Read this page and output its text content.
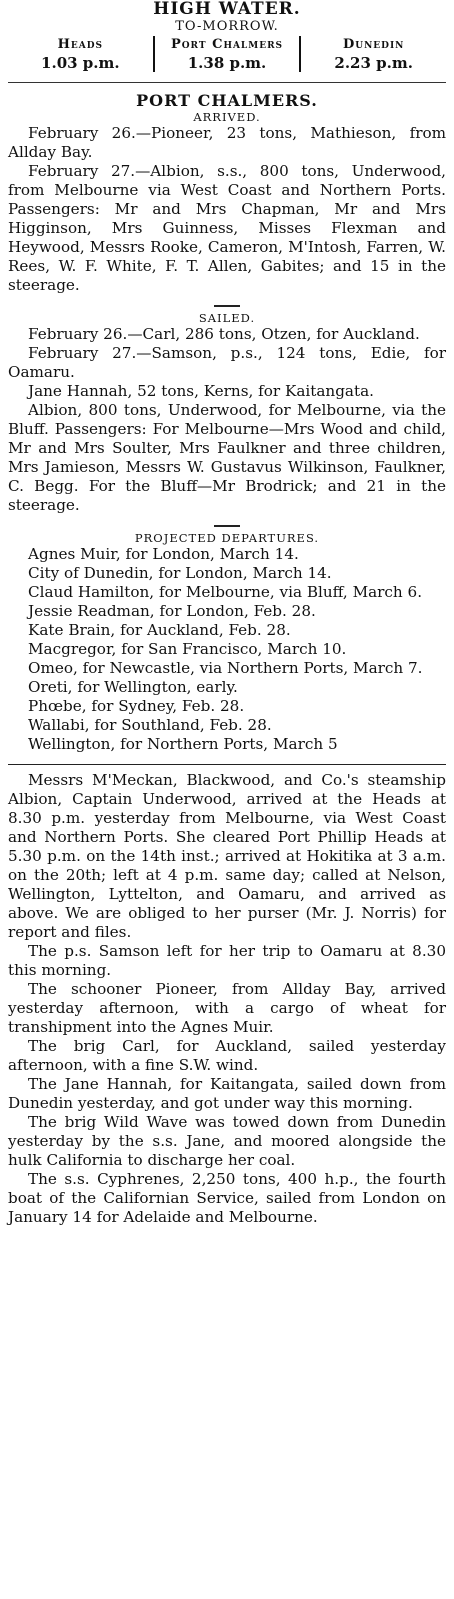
HIGH WATER.

TO-MORROW.

Heads
1.03 p.m.
Port Chalmers
1.38 p.m.
Dunedin
2.23 p.m.

PORT CHALMERS.

ARRIVED.

February 26.—Pioneer, 23 tons, Mathieson, from Allday Bay.

February 27.—Albion, s.s., 800 tons, Underwood, from Melbourne via West Coast and Northern Ports. Passengers: Mr and Mrs Chapman, Mr and Mrs Higginson, Mrs Guinness, Misses Flexman and Heywood, Messrs Rooke, Cameron, M'Intosh, Farren, W. Rees, W. F. White, F. T. Allen, Gabites; and 15 in the steerage.

SAILED.

February 26.—Carl, 286 tons, Otzen, for Auckland.

February 27.—Samson, p.s., 124 tons, Edie, for Oamaru.

Jane Hannah, 52 tons, Kerns, for Kaitangata.

Albion, 800 tons, Underwood, for Melbourne, via the Bluff. Passengers: For Melbourne—Mrs Wood and child, Mr and Mrs Soulter, Mrs Faulkner and three children, Mrs Jamieson, Messrs W. Gustavus Wilkinson, Faulkner, C. Begg. For the Bluff—Mr Brodrick; and 21 in the steerage.

PROJECTED DEPARTURES.

Agnes Muir, for London, March 14.

City of Dunedin, for London, March 14.

Claud Hamilton, for Melbourne, via Bluff, March 6.

Jessie Readman, for London, Feb. 28.

Kate Brain, for Auckland, Feb. 28.

Macgregor, for San Francisco, March 10.

Omeo, for Newcastle, via Northern Ports, March 7.

Oreti, for Wellington, early.

Phœbe, for Sydney, Feb. 28.

Wallabi, for Southland, Feb. 28.

Wellington, for Northern Ports, March 5

Messrs M'Meckan, Blackwood, and Co.'s steamship Albion, Captain Underwood, arrived at the Heads at 8.30 p.m. yesterday from Melbourne, via West Coast and Northern Ports. She cleared Port Phillip Heads at 5.30 p.m. on the 14th inst.; arrived at Hokitika at 3 a.m. on the 20th; left at 4 p.m. same day; called at Nelson, Wellington, Lyttelton, and Oamaru, and arrived as above. We are obliged to her purser (Mr. J. Norris) for report and files.

The p.s. Samson left for her trip to Oamaru at 8.30 this morning.

The schooner Pioneer, from Allday Bay, arrived yesterday afternoon, with a cargo of wheat for transhipment into the Agnes Muir.

The brig Carl, for Auckland, sailed yesterday afternoon, with a fine S.W. wind.

The Jane Hannah, for Kaitangata, sailed down from Dunedin yesterday, and got under way this morning.

The brig Wild Wave was towed down from Dunedin yesterday by the s.s. Jane, and moored alongside the hulk California to discharge her coal.

The s.s. Cyphrenes, 2,250 tons, 400 h.p., the fourth boat of the Californian Service, sailed from London on January 14 for Adelaide and Melbourne.
